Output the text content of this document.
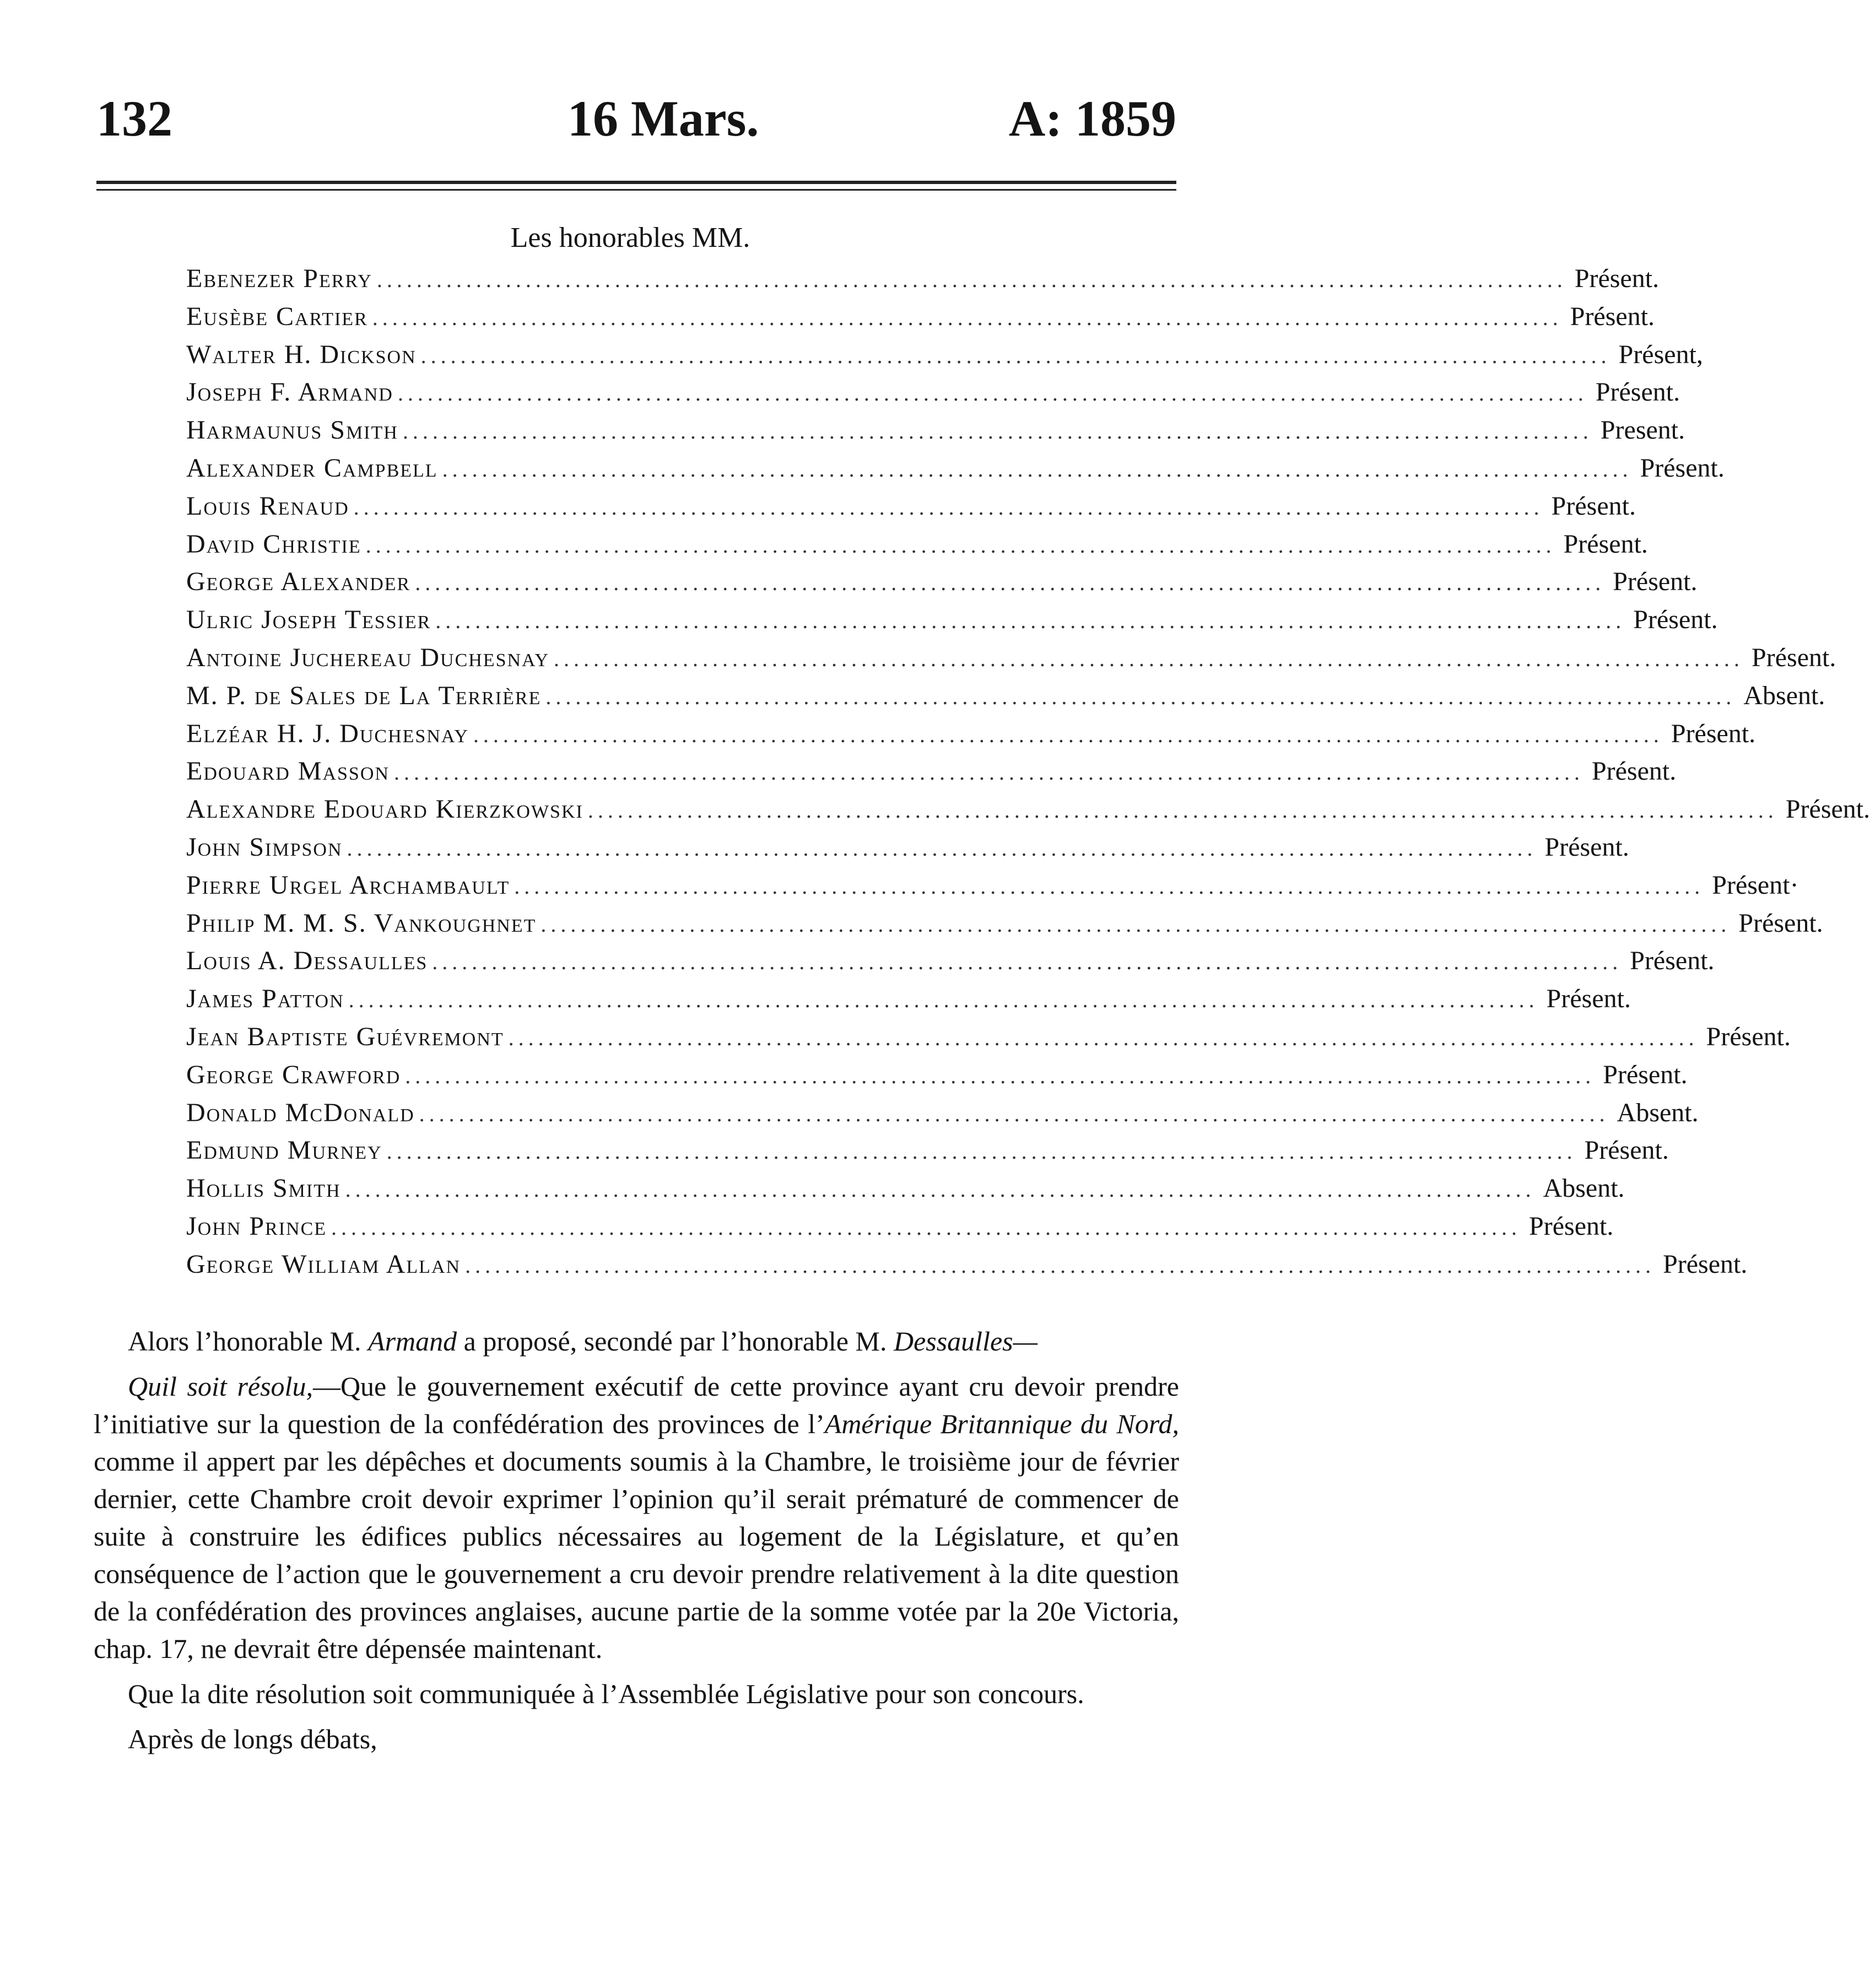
132	16 Mars.	A: 1859
Les honorables MM.
Ebenezer Perry ........................................................................................................................ Présent.
Eusèbe Cartier ........................................................................................................................ Présent.
Walter H. Dickson ........................................................................................................................ Présent,
Joseph F. Armand ........................................................................................................................ Présent.
Harmaunus Smith ........................................................................................................................ Present.
Alexander Campbell ........................................................................................................................ Présent.
Louis Renaud ........................................................................................................................ Présent.
David Christie ........................................................................................................................ Présent.
George Alexander ........................................................................................................................ Présent.
Ulric Joseph Tessier ........................................................................................................................ Présent.
Antoine Juchereau Duchesnay ........................................................................................................................ Présent.
M. P. de Sales de La Terrière ........................................................................................................................ Absent.
Elzéar H. J. Duchesnay ........................................................................................................................ Présent.
Edouard Masson ........................................................................................................................ Présent.
Alexandre Edouard Kierzkowski ........................................................................................................................ Présent.
John Simpson ........................................................................................................................ Présent.
Pierre Urgel Archambault ........................................................................................................................ Présent·
Philip M. M. S. Vankoughnet ........................................................................................................................ Présent.
Louis A. Dessaulles ........................................................................................................................ Présent.
James Patton ........................................................................................................................ Présent.
Jean Baptiste Guévremont ........................................................................................................................ Présent.
George Crawford ........................................................................................................................ Présent.
Donald McDonald ........................................................................................................................ Absent.
Edmund Murney ........................................................................................................................ Présent.
Hollis Smith ........................................................................................................................ Absent.
John Prince ........................................................................................................................ Présent.
George William Allan ........................................................................................................................ Présent.

Alors l’honorable M. Armand a proposé, secondé par l’honorable M. Dessaulles—

Quil soit résolu,—Que le gouvernement exécutif de cette province ayant cru devoir prendre l’initiative sur la question de la confédération des provinces de l’Amérique Britannique du Nord, comme il appert par les dépêches et documents soumis à la Chambre, le troisième jour de février dernier, cette Chambre croit devoir exprimer l’opinion qu’il serait prématuré de commencer de suite à construire les édifices publics nécessaires au logement de la Législature, et qu’en conséquence de l’action que le gouvernement a cru devoir prendre relativement à la dite question de la confédération des provinces anglaises, aucune partie de la somme votée par la 20e Victoria, chap. 17, ne devrait être dépensée maintenant.

Que la dite résolution soit communiquée à l’Assemblée Législative pour son concours.

Après de longs débats,
